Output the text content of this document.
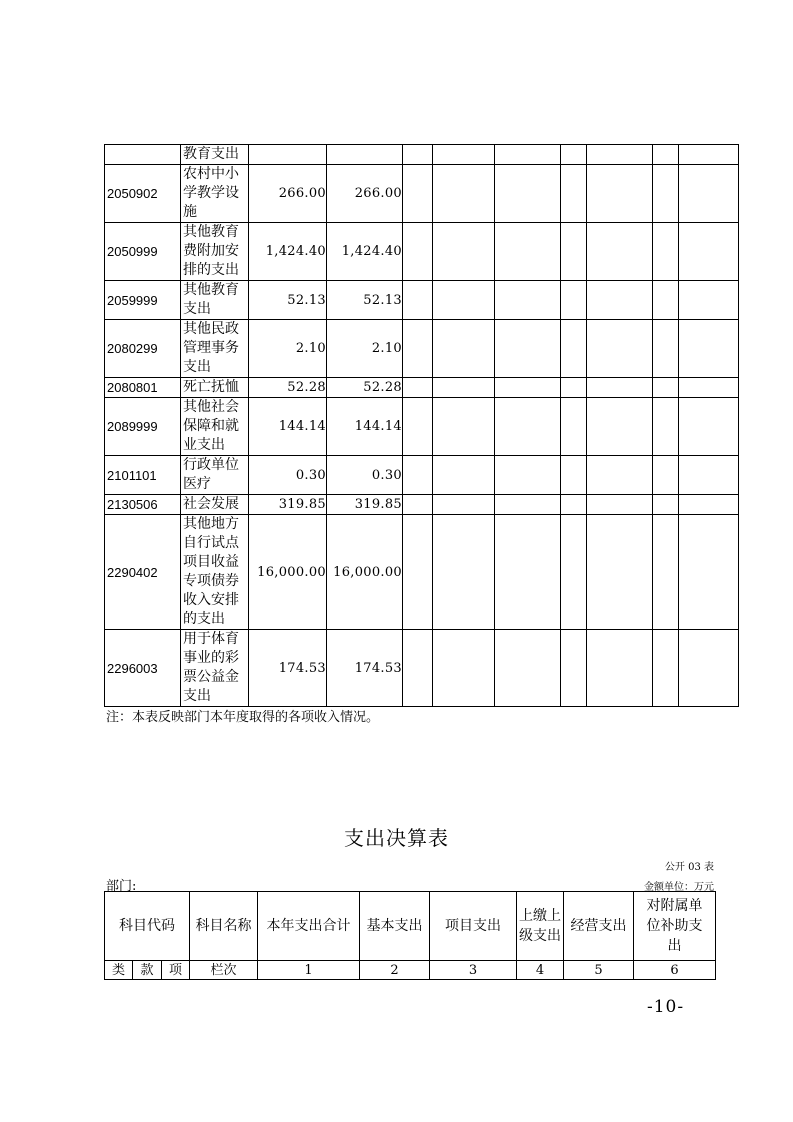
	教育支出									

2050902	农村中小学教学设施	266.00	266.00							
2050999	其他教育费附加安排的支出	1,424.40	1,424.40							
2059999	其他教育支出	52.13	52.13							
2080299	其他民政管理事务支出	2.10	2.10							
2080801	死亡抚恤	52.28	52.28							
2089999	其他社会保障和就业支出	144.14	144.14							
2101101	行政单位医疗	0.30	0.30							
2130506	社会发展	319.85	319.85							
2290402	其他地方自行试点项目收益专项债券收入安排的支出	16,000.00	16,000.00							
2296003	用于体育事业的彩票公益金支出	174.53	174.53							
注：本表反映部门本年度取得的各项收入情况。
支出决算表
公开 03 表
部门:	金额单位：万元
科目代码			科目名称	本年支出合计	基本支出	项目支出	上缴上级支出	经营支出	对附属单位补助支出

类	款	项	栏次	1	2	3	4	5	6
-10-
